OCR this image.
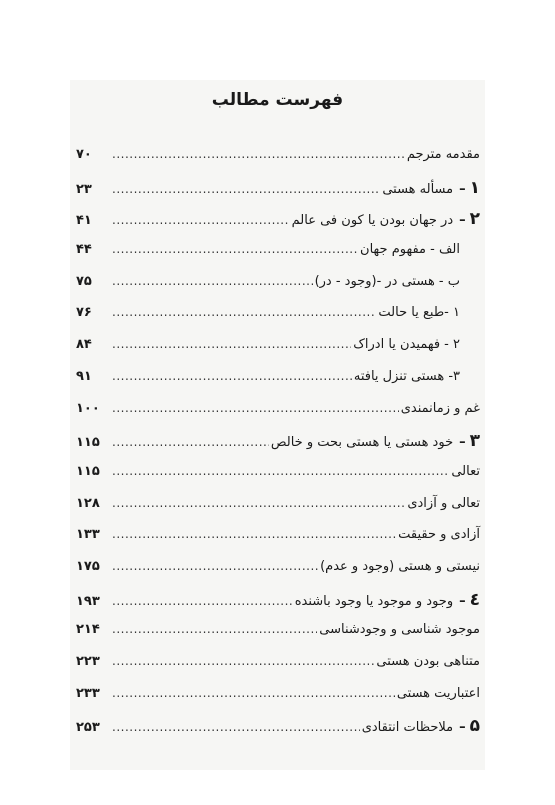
فهرست مطالب
مقدمه مترجم
.....
۷۰
۱
–
مسأله هستی
.....
۲۳
۲
–
در جهان بودن یا کون فی عالم
.....
۴۱
الف - مفهوم جهان
.....
۴۴
ب - هستی در -(وجود - در)
.....
۷۵
۱ -طبع یا حالت
.....
۷۶
۲ - فهمیدن یا ادراک
.....
۸۴
۳- هستی تنزل یافته
.....
۹۱
غم و زمانمندی
.....
۱۰۰
۳
–
خود هستی یا هستی بحت و خالص
.....
۱۱۵
تعالی
.....
۱۱۵
تعالی و آزادی
.....
۱۲۸
آزادی و حقیقت
.....
۱۳۳
نیستی و هستی (وجود و عدم)
.....
۱۷۵
٤
–
وجود و موجود یا وجود باشنده
.....
۱۹۳
موجود شناسی و وجودشناسی
.....
۲۱۴
متناهی بودن هستی
.....
۲۲۳
اعتباریت هستی
.....
۲۳۳
۵
–
ملاحظات انتقادی
.....
۲۵۳
